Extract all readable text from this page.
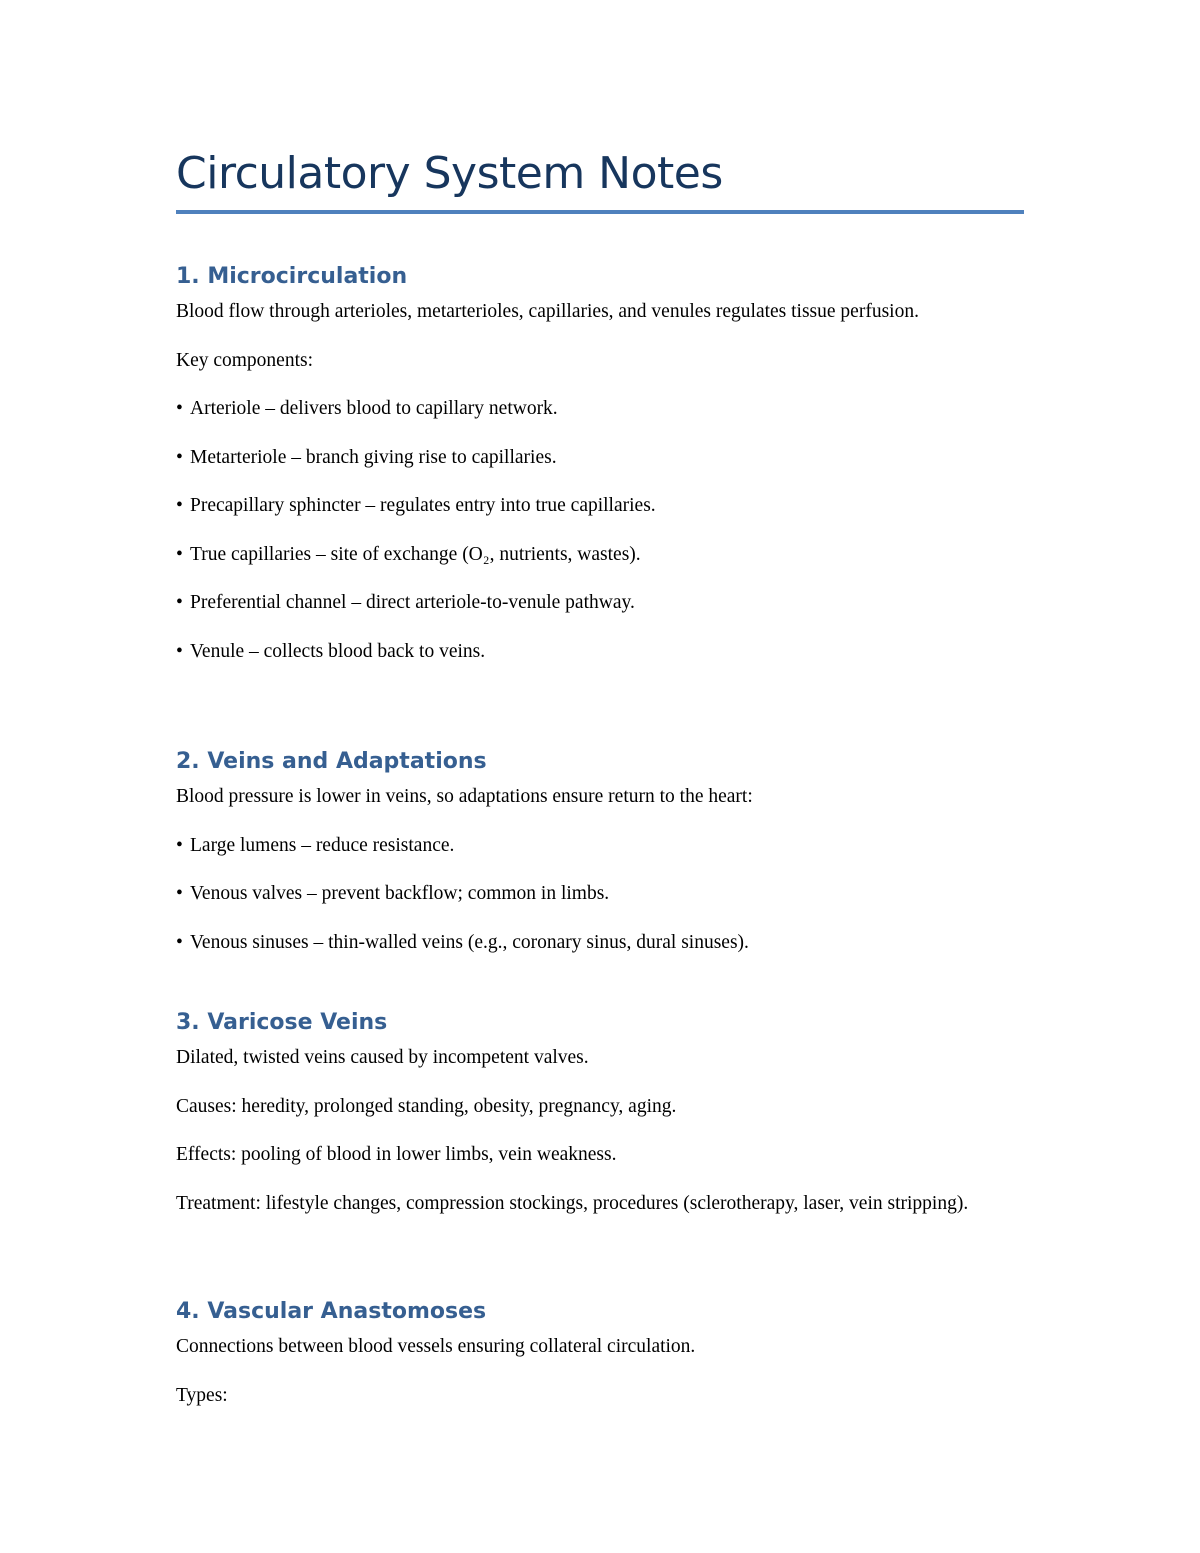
Circulatory System Notes
1. Microcirculation

Blood flow through arterioles, metarterioles, capillaries, and venules regulates tissue perfusion.

Key components:

• Arteriole – delivers blood to capillary network.

• Metarteriole – branch giving rise to capillaries.

• Precapillary sphincter – regulates entry into true capillaries.

• True capillaries – site of exchange (O₂, nutrients, wastes).

• Preferential channel – direct arteriole-to-venule pathway.

• Venule – collects blood back to veins.

2. Veins and Adaptations

Blood pressure is lower in veins, so adaptations ensure return to the heart:

• Large lumens – reduce resistance.

• Venous valves – prevent backflow; common in limbs.

• Venous sinuses – thin-walled veins (e.g., coronary sinus, dural sinuses).

3. Varicose Veins

Dilated, twisted veins caused by incompetent valves.

Causes: heredity, prolonged standing, obesity, pregnancy, aging.

Effects: pooling of blood in lower limbs, vein weakness.

Treatment: lifestyle changes, compression stockings, procedures (sclerotherapy, laser, vein stripping).

4. Vascular Anastomoses

Connections between blood vessels ensuring collateral circulation.

Types:
